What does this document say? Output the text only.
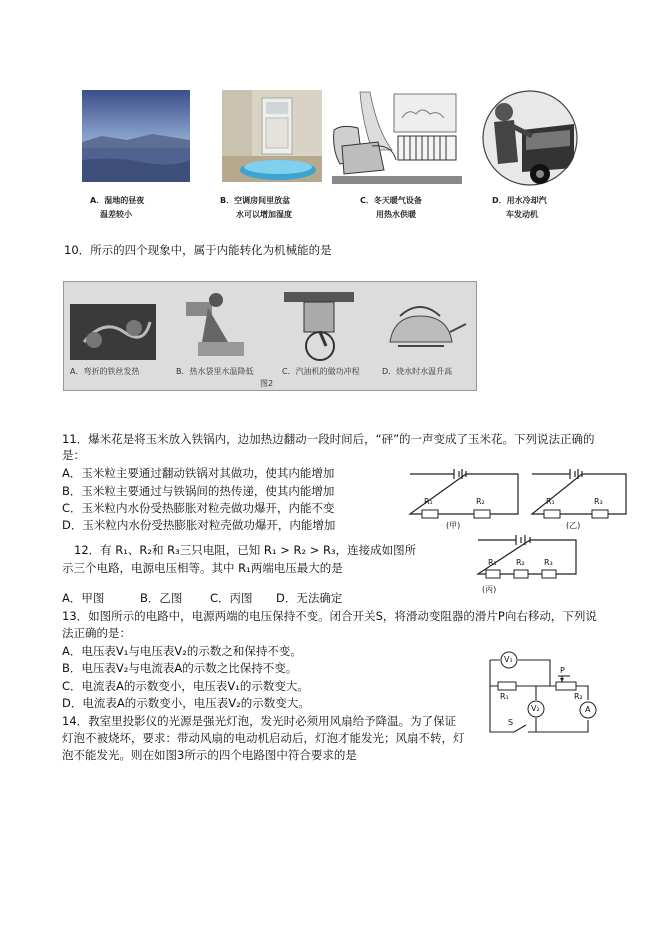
A．湿地的昼夜
温差较小
B．空调房间里放盆
水可以增加湿度
C．冬天暖气设备
用热水供暖
D．用水冷却汽
车发动机
10．所示的四个现象中，属于内能转化为机械能的是
A．弯折的铁丝发热	B．热水袋里水温降低	C．汽油机的做功冲程	D．烧水时水温升高
图2
11．爆米花是将玉米放入铁锅内，边加热边翻动一段时间后，“砰”的一声变成了玉米花。下列说法正确的
是：
A．玉米粒主要通过翻动铁锅对其做功，使其内能增加
B．玉米粒主要通过与铁锅间的热传递，使其内能增加
C．玉米粒内水份受热膨胀对粒壳做功爆开，内能不变
D．玉米粒内水份受热膨胀对粒壳做功爆开，内能增加
R₁	R₂
(甲)
R₁	R₃
(乙)
R₁ R₂ R₃
(丙)
12．有 R₁、R₂和 R₃三只电阻，已知 R₁ > R₂ > R₃，连接成如图所
示三个电路，电源电压相等。其中 R₁两端电压最大的是
A．甲图	B．乙图 C．丙图 D．无法确定
13．如图所示的电路中，电源两端的电压保持不变。闭合开关S，将滑动变阻器的滑片P向右移动，下列说
法正确的是：
A．电压表V₁与电压表V₂的示数之和保持不变。
B．电压表V₂与电流表A的示数之比保持不变。
C．电流表A的示数变小，电压表V₁的示数变大。
D．电流表A的示数变小，电压表V₂的示数变大。
V₁
V₂	A
R₁	R₂
P
S
14．教室里投影仪的光源是强光灯泡，发光时必须用风扇给予降温。为了保证
灯泡不被烧坏，要求：带动风扇的电动机启动后，灯泡才能发光；风扇不转，灯
泡不能发光。则在如图3所示的四个电路图中符合要求的是
